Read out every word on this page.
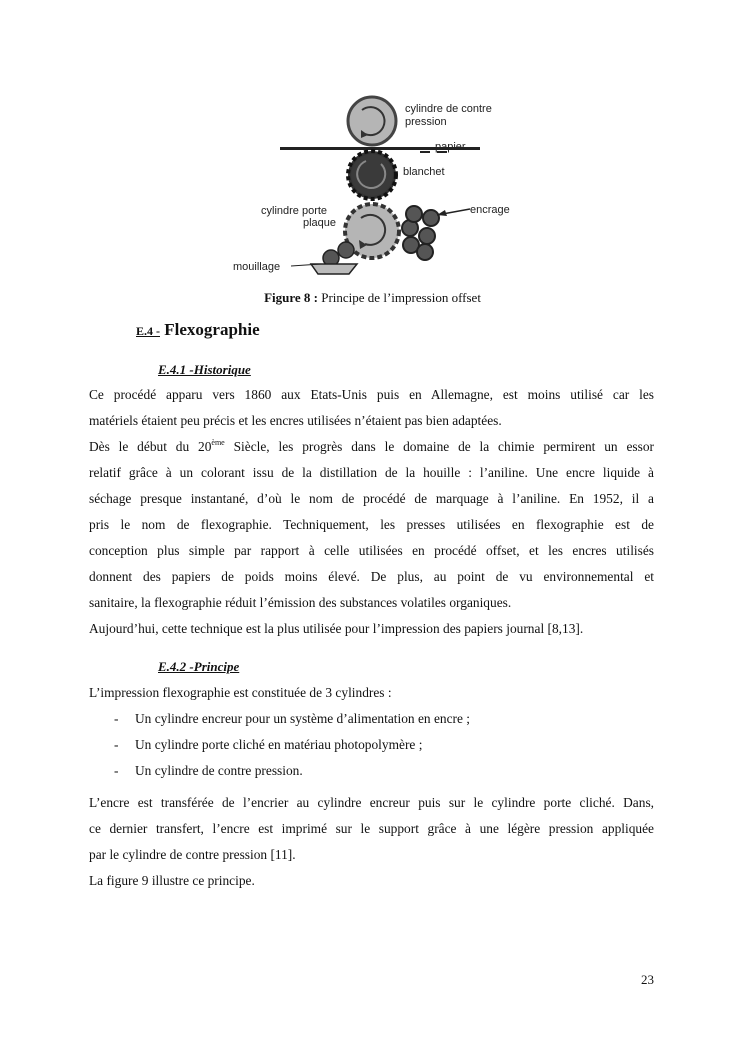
cylindre de contre
pression
papier
blanchet
cylindre porte
plaque
encrage
mouillage
Figure 8 : Principe de l’impression offset
E.4 - Flexographie
E.4.1 -Historique
Ce procédé apparu vers 1860 aux Etats-Unis puis en Allemagne, est moins utilisé car les
matériels étaient peu précis et les encres utilisées n’étaient pas bien adaptées.
Dès le début du 20ème Siècle, les progrès dans le domaine de la chimie permirent un essor
relatif grâce à un colorant issu de la distillation de la houille : l’aniline. Une encre liquide à
séchage presque instantané, d’où le nom de procédé de marquage à l’aniline. En 1952, il a
pris le nom de flexographie. Techniquement, les presses utilisées en flexographie est de
conception plus simple par rapport à celle utilisées en procédé offset, et les encres utilisés
donnent des papiers de poids moins élevé. De plus, au point de vu environnemental et
sanitaire, la flexographie réduit l’émission des substances volatiles organiques.
Aujourd’hui, cette technique est la plus utilisée pour l’impression des papiers journal [8,13].
E.4.2 -Principe
L’impression flexographie est constituée de 3 cylindres :
- Un cylindre encreur pour un système d’alimentation en encre ;
- Un cylindre porte cliché en matériau photopolymère ;
- Un cylindre de contre pression.
L’encre est transférée de l’encrier au cylindre encreur puis sur le cylindre porte cliché. Dans,
ce dernier transfert, l’encre est imprimé sur le support grâce à une légère pression appliquée
par le cylindre de contre pression [11].
La figure 9 illustre ce principe.
23
